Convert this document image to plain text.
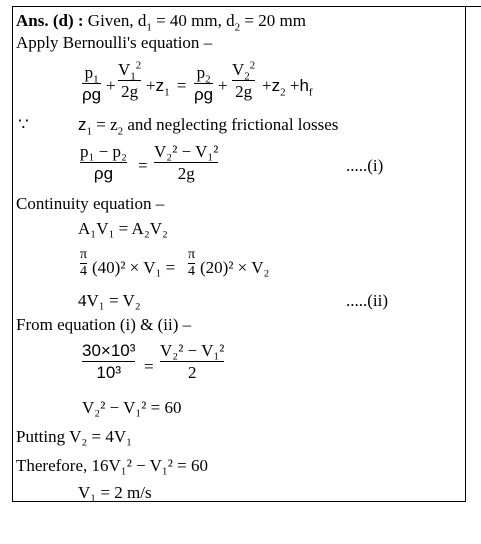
Ans. (d) : Given, $d_1 = 40$ mm, $d_2 = 20$ mm
Apply Bernoulli's equation –
$p_1$
ρg +
$V_1^2$
$2g +z_1$ =
$p_2$
ρg +
$V_2^2$
$2g +z_2 +h_f$
∵	$z_1 = z_2$ and neglecting frictional losses
p₁ − p₂
ρg	=
V₂² − V₁²
2g	.....(i)
Continuity equation –
A₁V₁ = A₂V₂
π
4 (40)² × V₁ =
π
4 (20)² × V₂
4V₁ = V₂	.....(ii)
From equation (i) & (ii) –
30×10³
10³	=
V₂² − V₁²
2
V₂² − V₁² = 60
Putting V₂ = 4V₁
Therefore, 16V₁² − V₁² = 60
V₁ = 2 m/s
